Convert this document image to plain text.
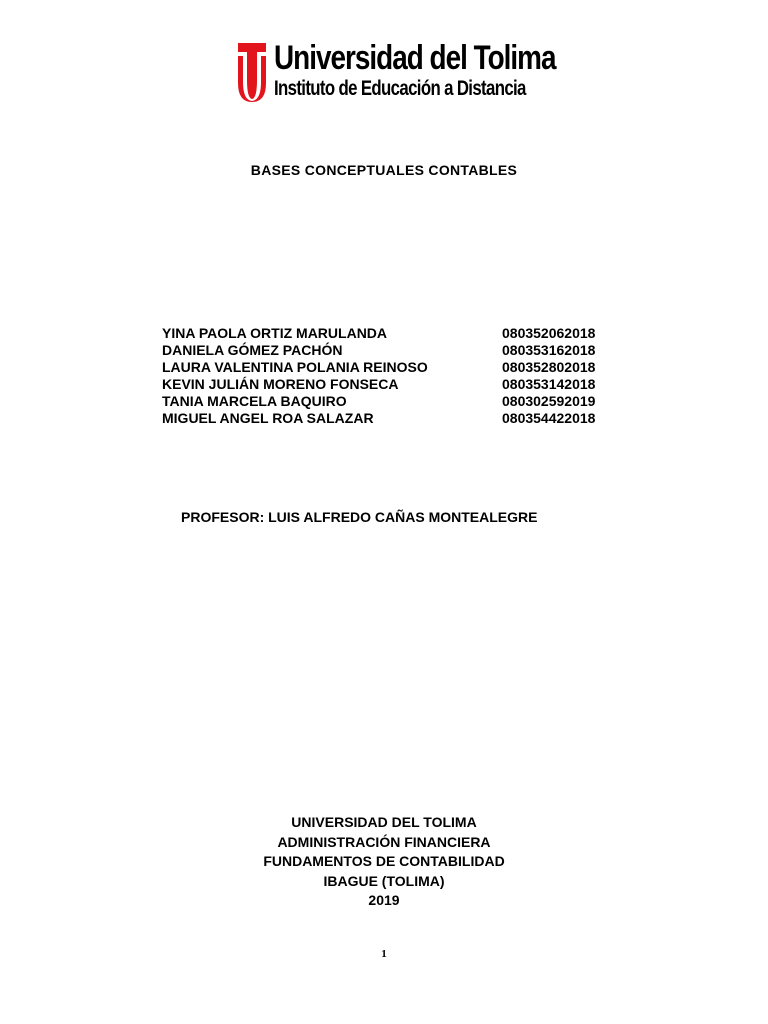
Universidad del Tolima
Instituto de Educación a Distancia
BASES CONCEPTUALES CONTABLES
YINA PAOLA ORTIZ MARULANDA	080352062018
DANIELA GÓMEZ PACHÓN	080353162018
LAURA VALENTINA POLANIA REINOSO	080352802018
KEVIN JULIÁN MORENO FONSECA	080353142018
TANIA MARCELA BAQUIRO	080302592019
MIGUEL ANGEL ROA SALAZAR	080354422018
PROFESOR: LUIS ALFREDO CAÑAS MONTEALEGRE
UNIVERSIDAD DEL TOLIMA
ADMINISTRACIÓN FINANCIERA
FUNDAMENTOS DE CONTABILIDAD
IBAGUE (TOLIMA)
2019
1
